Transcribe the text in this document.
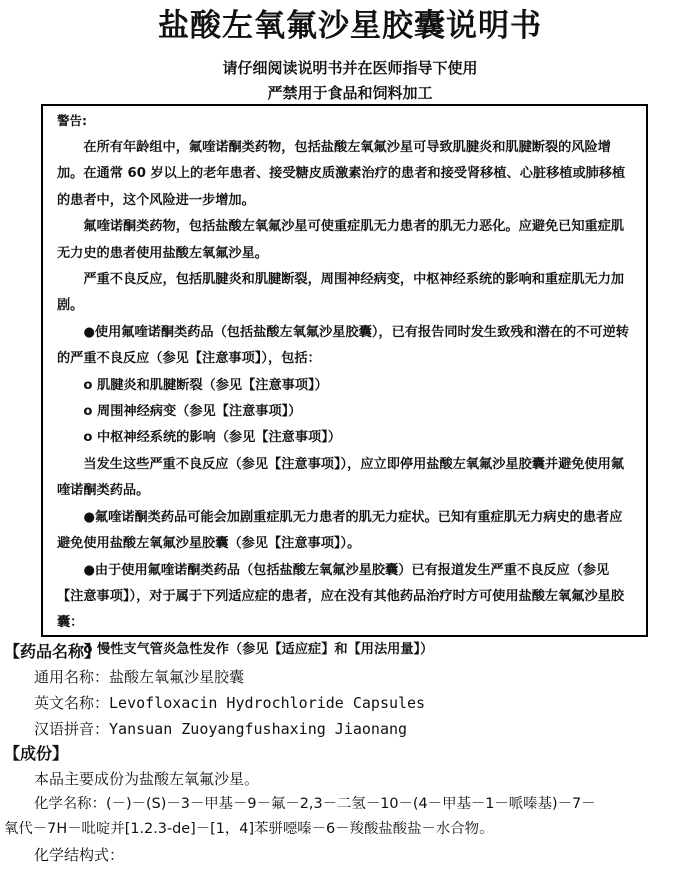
盐酸左氧氟沙星胶囊说明书
请仔细阅读说明书并在医师指导下使用
严禁用于食品和饲料加工

警告:

在所有年龄组中，氟喹诺酮类药物，包括盐酸左氧氟沙星可导致肌腱炎和肌腱断裂的风险增加。在通常 60 岁以上的老年患者、接受糖皮质激素治疗的患者和接受肾移植、心脏移植或肺移植的患者中，这个风险进一步增加。

氟喹诺酮类药物，包括盐酸左氧氟沙星可使重症肌无力患者的肌无力恶化。应避免已知重症肌无力史的患者使用盐酸左氧氟沙星。

严重不良反应，包括肌腱炎和肌腱断裂，周围神经病变，中枢神经系统的影响和重症肌无力加剧。

●使用氟喹诺酮类药品（包括盐酸左氧氟沙星胶囊），已有报告同时发生致残和潜在的不可逆转的严重不良反应（参见【注意事项】），包括：

o 肌腱炎和肌腱断裂（参见【注意事项】）

o 周围神经病变（参见【注意事项】）

o 中枢神经系统的影响（参见【注意事项】）

当发生这些严重不良反应（参见【注意事项】），应立即停用盐酸左氧氟沙星胶囊并避免使用氟喹诺酮类药品。

●氟喹诺酮类药品可能会加剧重症肌无力患者的肌无力症状。已知有重症肌无力病史的患者应避免使用盐酸左氧氟沙星胶囊（参见【注意事项】）。

●由于使用氟喹诺酮类药品（包括盐酸左氧氟沙星胶囊）已有报道发生严重不良反应（参见【注意事项】），对于属于下列适应症的患者，应在没有其他药品治疗时方可使用盐酸左氧氟沙星胶囊：

o 慢性支气管炎急性发作（参见【适应症】和【用法用量】）

【药品名称】
通用名称：盐酸左氧氟沙星胶囊
英文名称：Levofloxacin Hydrochloride Capsules
汉语拼音：Yansuan Zuoyangfushaxing Jiaonang
【成份】
本品主要成份为盐酸左氧氟沙星。
化学名称：(－)－(S)－3－甲基－9－氟－2,3－二氢－10－(4－甲基－1－哌嗪基)－7－
氧代－7H－吡啶并[1.2.3-de]－[1，4]苯骈噁嗪－6－羧酸盐酸盐－水合物。
化学结构式：
